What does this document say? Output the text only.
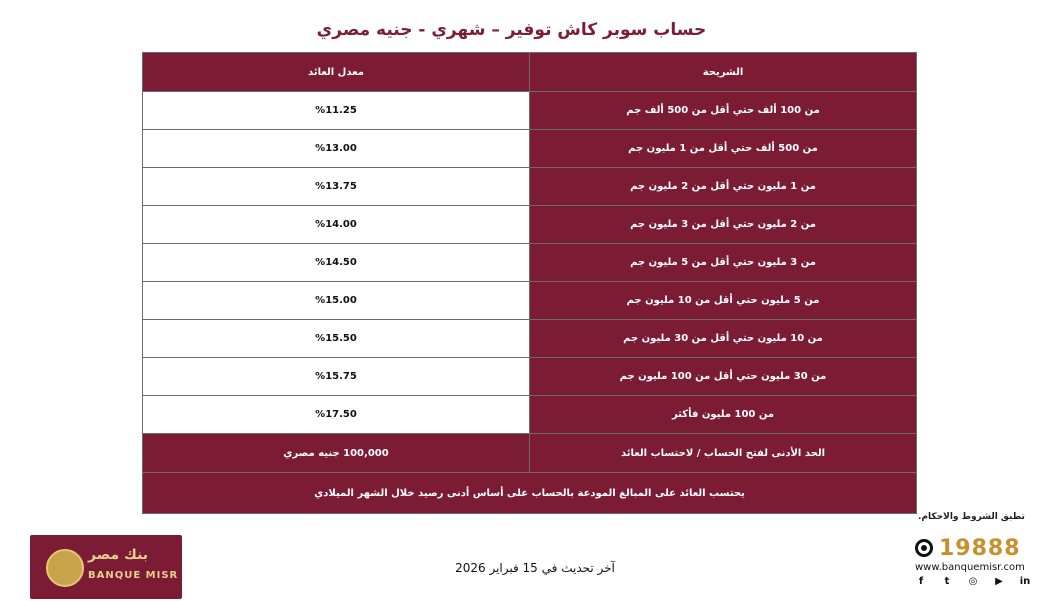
حساب سوبر كاش توفير – شهري - جنيه مصري
الشريحة	معدل العائد
من 100 ألف حتي أقل من 500 ألف جم	%11.25
من 500 ألف حتي أقل من 1 مليون جم	%13.00
من 1 مليون حتي أقل من 2 مليون جم	%13.75
من 2 مليون حتي أقل من 3 مليون جم	%14.00
من 3 مليون حتي أقل من 5 مليون جم	%14.50
من 5 مليون حتي أقل من 10 مليون جم	%15.00
من 10 مليون حتي أقل من 30 مليون جم	%15.50
من 30 مليون حتي أقل من 100 مليون جم	%15.75
من 100 مليون فأكثر	%17.50
الحد الأدنى لفتح الحساب / لاحتساب العائد	100,000 جنيه مصري
يحتسب العائد على المبالغ المودعة بالحساب على أساس أدنى رصيد خلال الشهر الميلادي	
تطبق الشروط والاحكام.
بنك مصر
BANQUE MISR
آخر تحديث في 15 فبراير 2026
19888
www.banquemisr.com
f	t	◎ ▶ in
